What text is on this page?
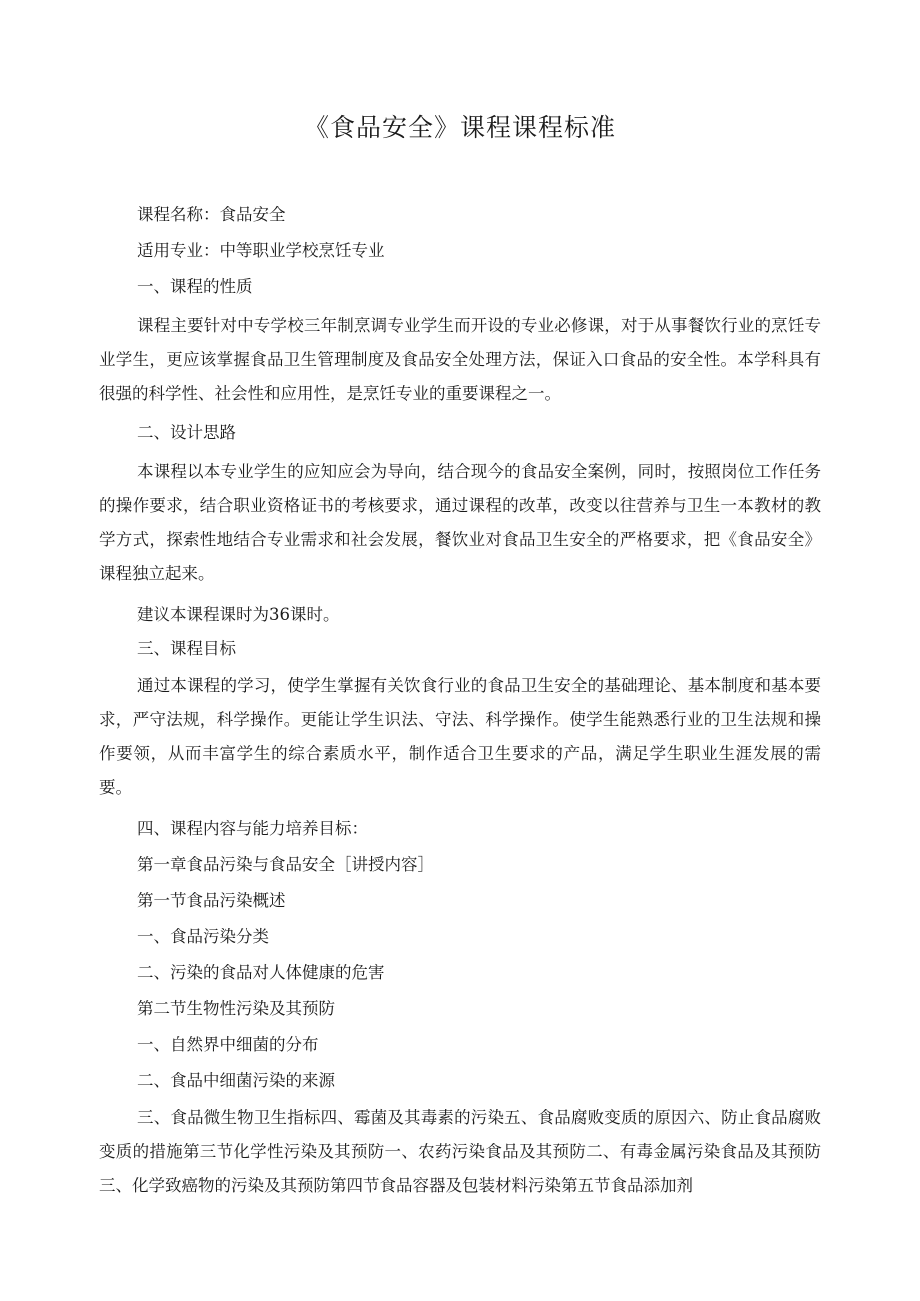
《食品安全》课程课程标准
课程名称：食品安全
适用专业：中等职业学校烹饪专业
一、课程的性质
课程主要针对中专学校三年制烹调专业学生而开设的专业必修课，对于从事餐饮行业的烹饪专业学生，更应该掌握食品卫生管理制度及食品安全处理方法，保证入口食品的安全性。本学科具有很强的科学性、社会性和应用性，是烹饪专业的重要课程之一。
二、设计思路
本课程以本专业学生的应知应会为导向，结合现今的食品安全案例，同时，按照岗位工作任务的操作要求，结合职业资格证书的考核要求，通过课程的改革，改变以往营养与卫生一本教材的教学方式，探索性地结合专业需求和社会发展，餐饮业对食品卫生安全的严格要求，把《食品安全》课程独立起来。
建议本课程课时为36课时。
三、课程目标
通过本课程的学习，使学生掌握有关饮食行业的食品卫生安全的基础理论、基本制度和基本要求，严守法规，科学操作。更能让学生识法、守法、科学操作。使学生能熟悉行业的卫生法规和操作要领，从而丰富学生的综合素质水平，制作适合卫生要求的产品，满足学生职业生涯发展的需要。
四、课程内容与能力培养目标：
第一章食品污染与食品安全［讲授内容］
第一节食品污染概述
一、食品污染分类
二、污染的食品对人体健康的危害
第二节生物性污染及其预防
一、自然界中细菌的分布
二、食品中细菌污染的来源
三、食品微生物卫生指标四、霉菌及其毒素的污染五、食品腐败变质的原因六、防止食品腐败变质的措施第三节化学性污染及其预防一、农药污染食品及其预防二、有毒金属污染食品及其预防三、化学致癌物的污染及其预防第四节食品容器及包装材料污染第五节食品添加剂
